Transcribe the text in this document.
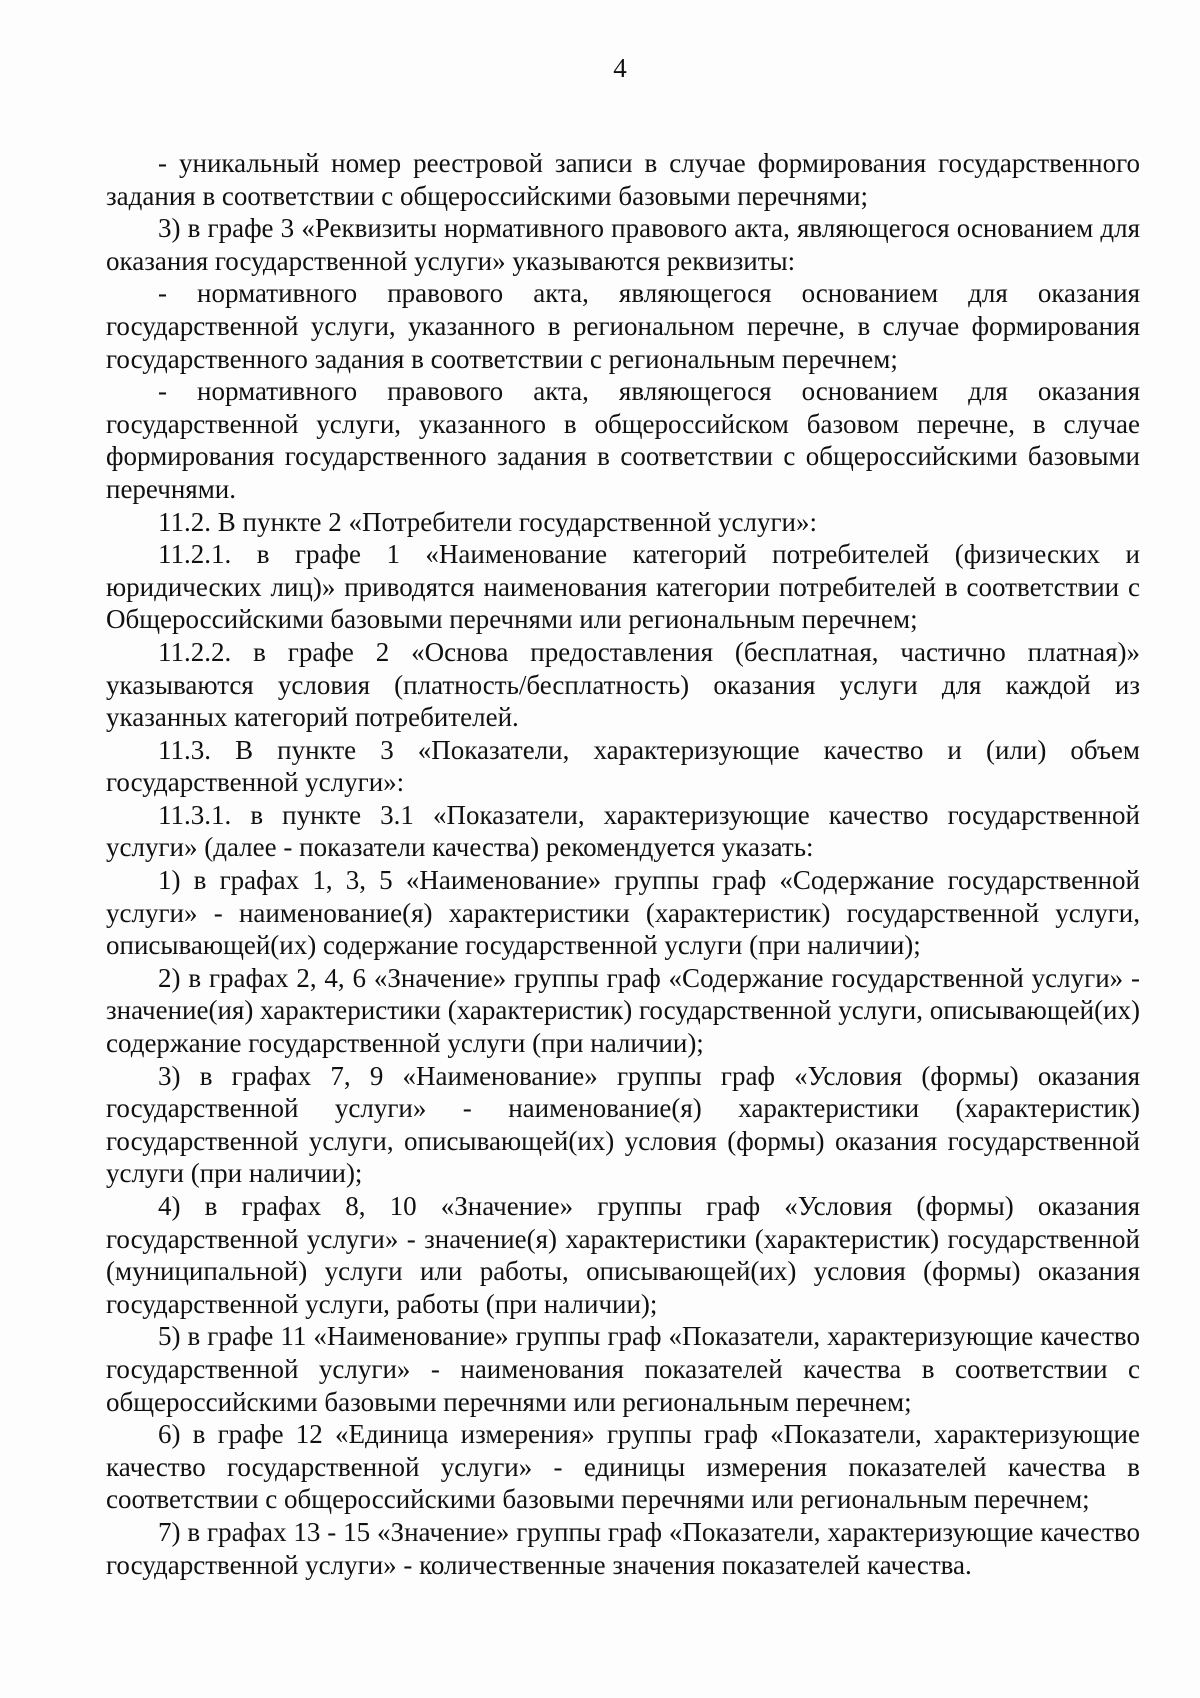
4

- уникальный номер реестровой записи в случае формирования государственного задания в соответствии с общероссийскими базовыми перечнями;

3) в графе 3 «Реквизиты нормативного правового акта, являющегося основанием для оказания государственной услуги» указываются реквизиты:

- нормативного правового акта, являющегося основанием для оказания государственной услуги, указанного в региональном перечне, в случае формирования государственного задания в соответствии с региональным перечнем;

- нормативного правового акта, являющегося основанием для оказания государственной услуги, указанного в общероссийском базовом перечне, в случае формирования государственного задания в соответствии с общероссийскими базовыми перечнями.

11.2. В пункте 2 «Потребители государственной услуги»:

11.2.1. в графе 1 «Наименование категорий потребителей (физических и юридических лиц)» приводятся наименования категории потребителей в соответствии с Общероссийскими базовыми перечнями или региональным перечнем;

11.2.2. в графе 2 «Основа предоставления (бесплатная, частично платная)» указываются условия (платность/бесплатность) оказания услуги для каждой из указанных категорий потребителей.

11.3. В пункте 3 «Показатели, характеризующие качество и (или) объем государственной услуги»:

11.3.1. в пункте 3.1 «Показатели, характеризующие качество государственной услуги» (далее - показатели качества) рекомендуется указать:

1) в графах 1, 3, 5 «Наименование» группы граф «Содержание государственной услуги» - наименование(я) характеристики (характеристик) государственной услуги, описывающей(их) содержание государственной услуги (при наличии);

2) в графах 2, 4, 6 «Значение» группы граф «Содержание государственной услуги» - значение(ия) характеристики (характеристик) государственной услуги, описывающей(их) содержание государственной услуги (при наличии);

3) в графах 7, 9 «Наименование» группы граф «Условия (формы) оказания государственной услуги» - наименование(я) характеристики (характеристик) государственной услуги, описывающей(их) условия (формы) оказания государственной услуги (при наличии);

4) в графах 8, 10 «Значение» группы граф «Условия (формы) оказания государственной услуги» - значение(я) характеристики (характеристик) государственной (муниципальной) услуги или работы, описывающей(их) условия (формы) оказания государственной услуги, работы (при наличии);

5) в графе 11 «Наименование» группы граф «Показатели, характеризующие качество государственной услуги» - наименования показателей качества в соответствии с общероссийскими базовыми перечнями или региональным перечнем;

6) в графе 12 «Единица измерения» группы граф «Показатели, характеризующие качество государственной услуги» - единицы измерения показателей качества в соответствии с общероссийскими базовыми перечнями или региональным перечнем;

7) в графах 13 - 15 «Значение» группы граф «Показатели, характеризующие качество государственной услуги» - количественные значения показателей качества.
